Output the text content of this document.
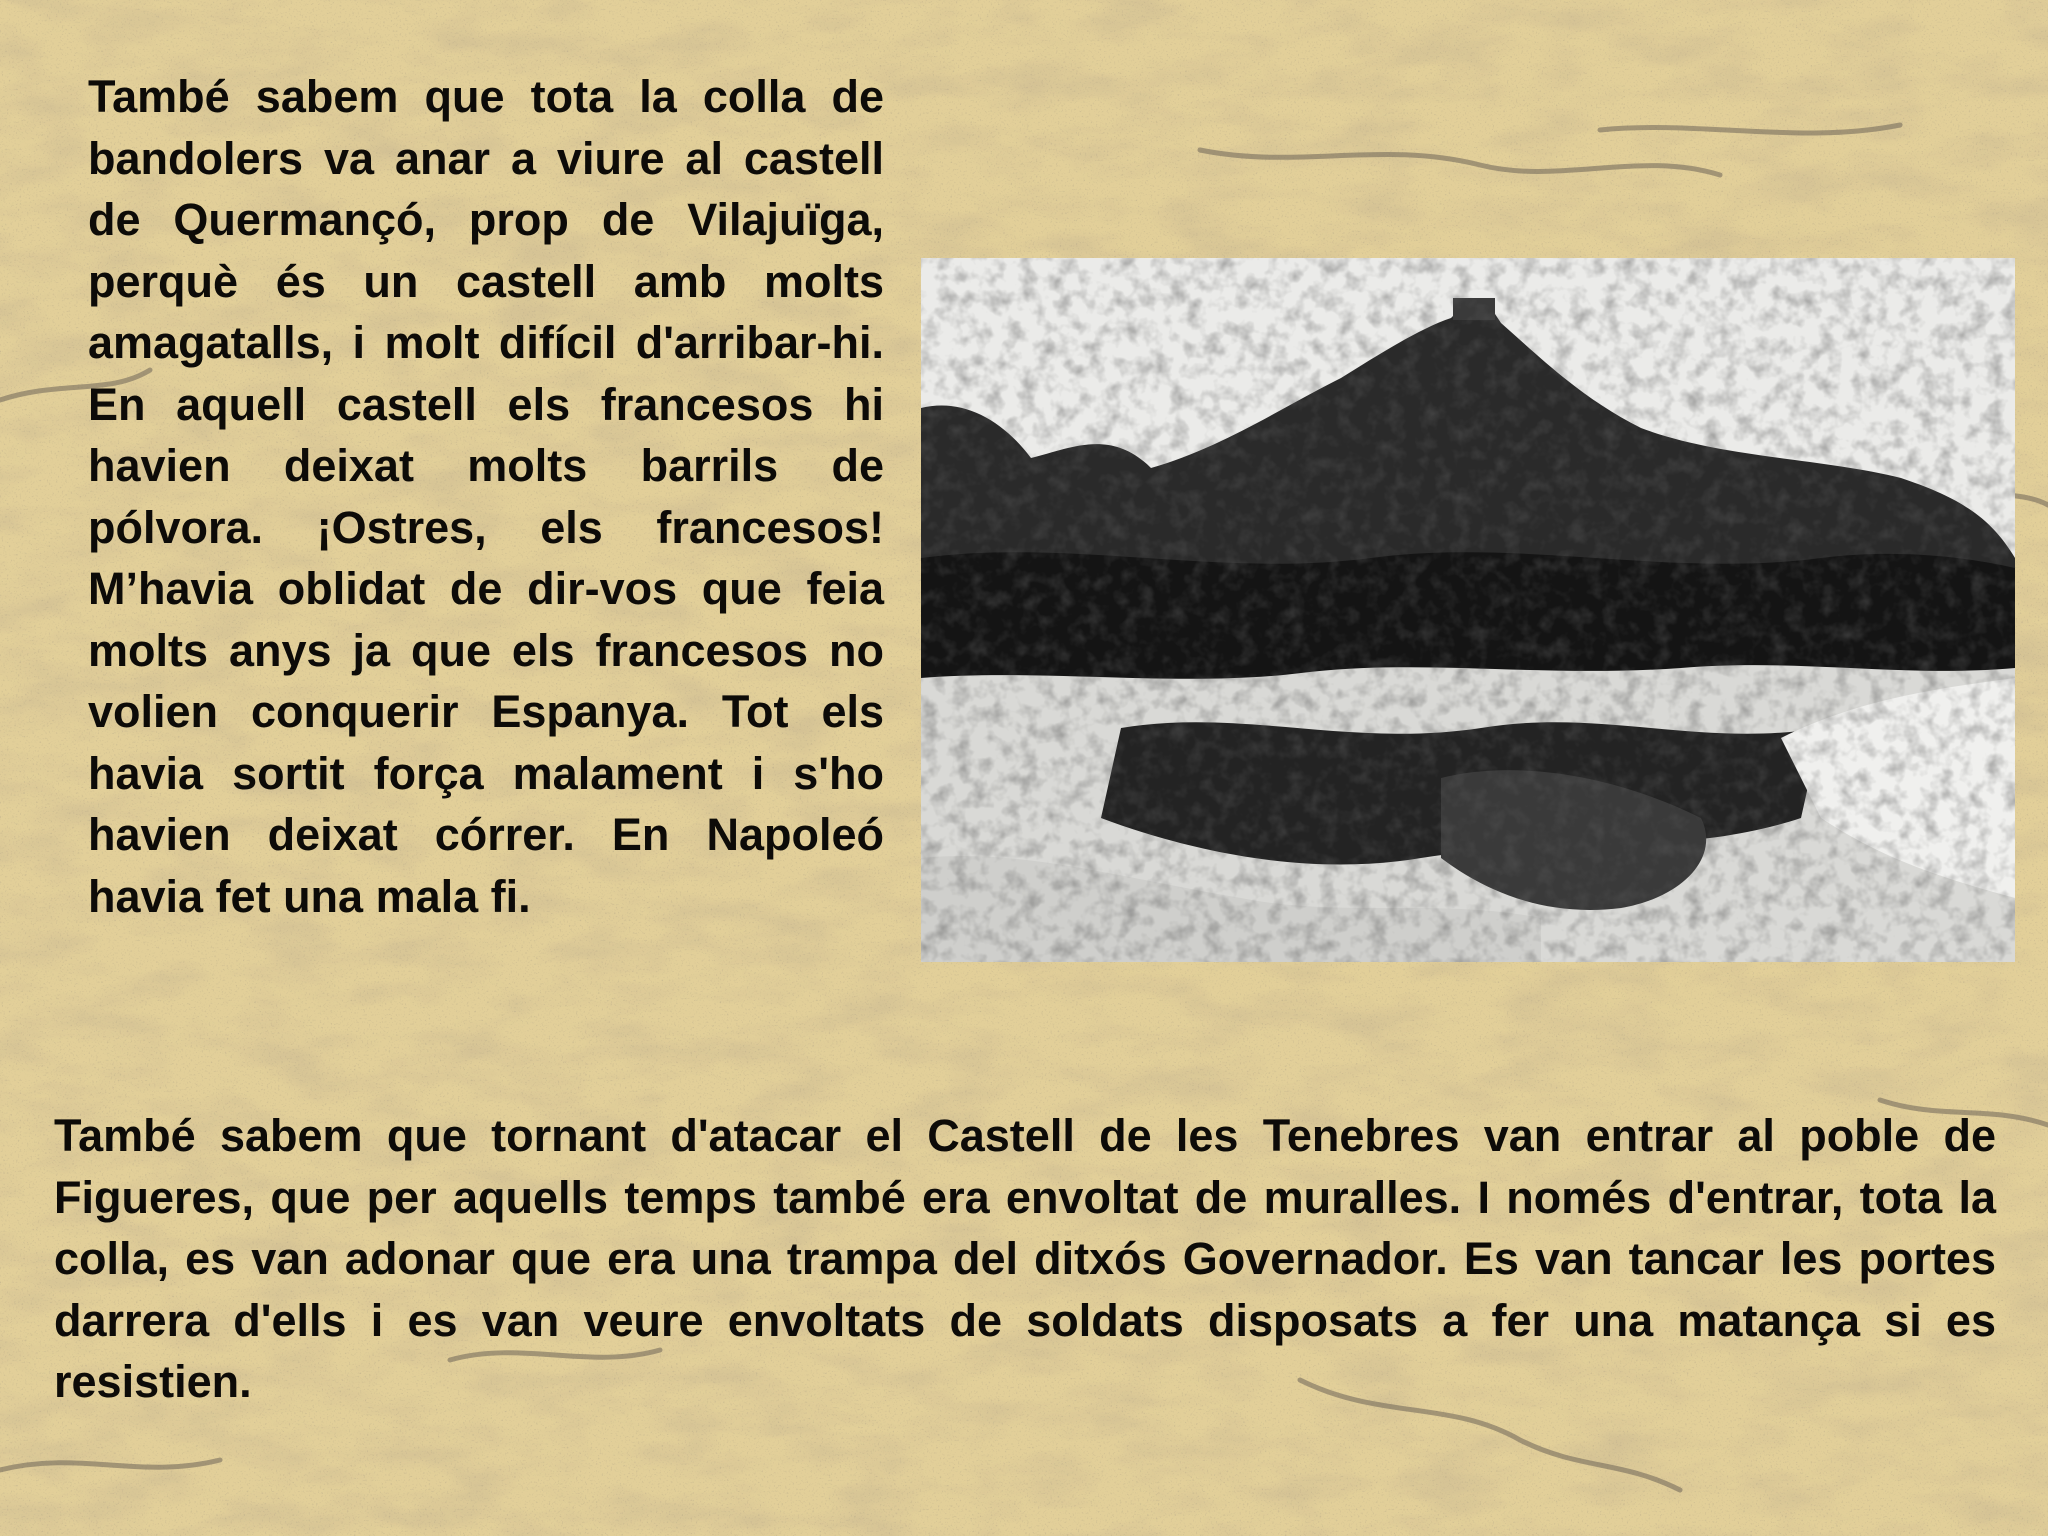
També sabem que tota la colla de bandolers va anar a viure al castell de Quermançó, prop de Vilajuïga, perquè és un castell amb molts amagatalls, i molt difícil d'arribar-hi. En aquell castell els francesos hi havien deixat molts barrils de pólvora. ¡Ostres, els francesos! M’havia oblidat de dir-vos que feia molts anys ja que els francesos no volien conquerir Espanya. Tot els havia sortit força malament i s'ho havien deixat córrer. En Napoleó havia fet una mala fi.

També sabem que tornant d'atacar el Castell de les Tenebres van entrar al poble de Figueres, que per aquells temps també era envoltat de muralles. I només d'entrar, tota la colla, es van adonar que era una trampa del ditxós Governador. Es van tancar les portes darrera d'ells i es van veure envoltats de soldats disposats a fer una matança si es resistien.
